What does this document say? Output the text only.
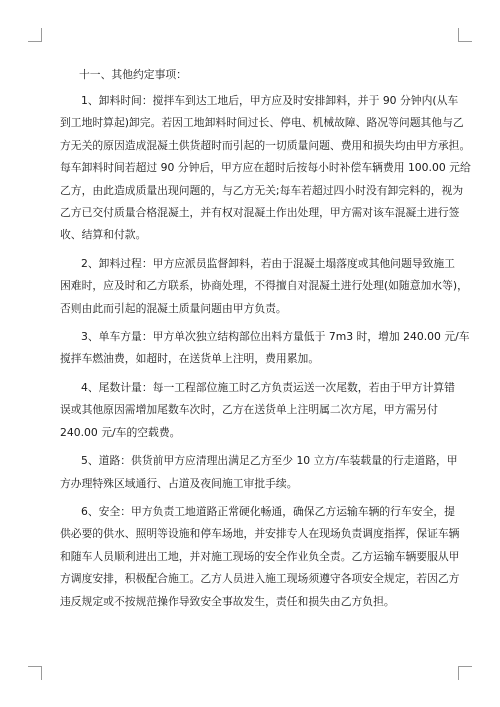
十一、其他约定事项：
1、卸料时间：搅拌车到达工地后，甲方应及时安排卸料，并于 90 分钟内(从车
到工地时算起)卸完。若因工地卸料时间过长、停电、机械故障、路况等问题其他与乙
方无关的原因造成混凝土供货超时而引起的一切质量问题、费用和损失均由甲方承担。
每车卸料时间若超过 90 分钟后，甲方应在超时后按每小时补偿车辆费用 100.00 元给
乙方，由此造成质量出现问题的，与乙方无关;每车若超过四小时没有卸完料的，视为
乙方已交付质量合格混凝土，并有权对混凝土作出处理，甲方需对该车混凝土进行签
收、结算和付款。
2、卸料过程：甲方应派员监督卸料，若由于混凝土塌落度或其他问题导致施工
困难时，应及时和乙方联系，协商处理，不得擅自对混凝土进行处理(如随意加水等)，
否则由此而引起的混凝土质量问题由甲方负责。
3、单车方量：甲方单次独立结构部位出料方量低于 7m3 时，增加 240.00 元/车
搅拌车燃油费，如超时，在送货单上注明，费用累加。
4、尾数计量：每一工程部位施工时乙方负责运送一次尾数，若由于甲方计算错
误或其他原因需增加尾数车次时，乙方在送货单上注明属二次方尾，甲方需另付
240.00 元/车的空载费。
5、道路：供货前甲方应清理出满足乙方至少 10 立方/车装载量的行走道路，甲
方办理特殊区域通行、占道及夜间施工审批手续。
6、安全：甲方负责工地道路正常硬化畅通，确保乙方运输车辆的行车安全，提
供必要的供水、照明等设施和停车场地，并安排专人在现场负责调度指挥，保证车辆
和随车人员顺利进出工地，并对施工现场的安全作业负全责。乙方运输车辆要服从甲
方调度安排，积极配合施工。乙方人员进入施工现场须遵守各项安全规定，若因乙方
违反规定或不按规范操作导致安全事故发生，责任和损失由乙方负担。
